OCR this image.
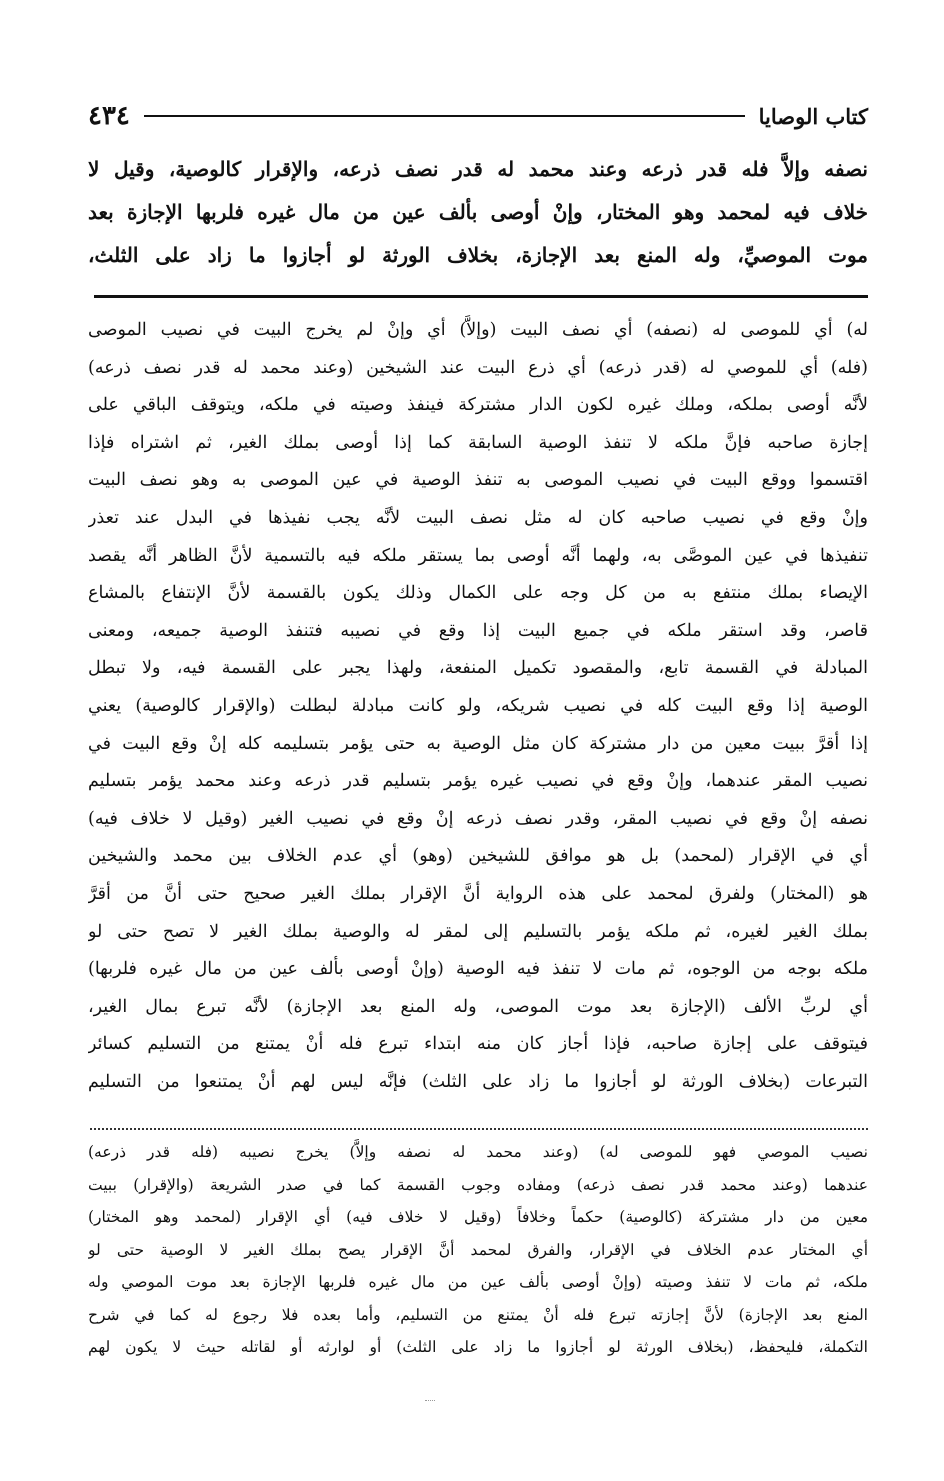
٤٣٤	كتاب الوصايا
نصفه وإلاَّ فله قدر ذرعه وعند محمد له قدر نصف ذرعه، والإقرار كالوصية، وقيل لا
خلاف فيه لمحمد وهو المختار، وإنْ أوصى بألف عين من مال غيره فلربها الإجازة بعد
موت الموصيِّ، وله المنع بعد الإجازة، بخلاف الورثة لو أجازوا ما زاد على الثلث،
له) أي للموصى له (نصفه) أي نصف البيت (وإلاَّ) أي وإنْ لم يخرج البيت في نصيب الموصى
(فله) أي للموصي له (قدر ذرعه) أي ذرع البيت عند الشيخين (وعند محمد له قدر نصف ذرعه)
لأنَّه أوصى بملكه، وملك غيره لكون الدار مشتركة فينفذ وصيته في ملكه، ويتوقف الباقي على
إجازة صاحبه فإنَّ ملكه لا تنفذ الوصية السابقة كما إذا أوصى بملك الغير، ثم اشتراه فإذا
اقتسموا ووقع البيت في نصيب الموصى به تنفذ الوصية في عين الموصى به وهو نصف البيت
وإنْ وقع في نصيب صاحبه كان له مثل نصف البيت لأنَّه يجب نفيذها في البدل عند تعذر
تنفيذها في عين الموصَّى به، ولهما أنَّه أوصى بما يستقر ملكه فيه بالتسمية لأنَّ الظاهر أنَّه يقصد
الإيصاء بملك منتفع به من كل وجه على الكمال وذلك يكون بالقسمة لأنَّ الإنتفاع بالمشاع
قاصر، وقد استقر ملكه في جميع البيت إذا وقع في نصيبه فتنفذ الوصية جميعه، ومعنى
المبادلة في القسمة تابع، والمقصود تكميل المنفعة، ولهذا يجبر على القسمة فيه، ولا تبطل
الوصية إذا وقع البيت كله في نصيب شريكه، ولو كانت مبادلة لبطلت (والإقرار كالوصية) يعني
إذا أقرَّ ببيت معين من دار مشتركة كان مثل الوصية به حتى يؤمر بتسليمه كله إنْ وقع البيت في
نصيب المقر عندهما، وإنْ وقع في نصيب غيره يؤمر بتسليم قدر ذرعه وعند محمد يؤمر بتسليم
نصفه إنْ وقع في نصيب المقر، وقدر نصف ذرعه إنْ وقع في نصيب الغير (وقيل لا خلاف فيه)
أي في الإقرار (لمحمد) بل هو موافق للشيخين (وهو) أي عدم الخلاف بين محمد والشيخين
هو (المختار) ولفرق لمحمد على هذه الرواية أنَّ الإقرار بملك الغير صحيح حتى أنَّ من أقرَّ
بملك الغير لغيره، ثم ملكه يؤمر بالتسليم إلى لمقر له والوصية بملك الغير لا تصح حتى لو
ملكه بوجه من الوجوه، ثم مات لا تنفذ فيه الوصية (وإنْ أوصى بألف عين من مال غيره فلربها)
أي لربِّ الألف (الإجازة بعد موت الموصى، وله المنع بعد الإجازة) لأنَّه تبرع بمال الغير،
فيتوقف على إجازة صاحبه، فإذا أجاز كان منه ابتداء تبرع فله أنْ يمتنع من التسليم كسائر
التبرعات (بخلاف الورثة لو أجازوا ما زاد على الثلث) فإنَّه ليس لهم أنْ يمتنعوا من التسليم
نصيب الموصي فهو للموصى له) (وعند محمد له نصفه وإلاَّ) يخرج نصيبه (فله قدر ذرعه)
عندهما (وعند محمد قدر نصف ذرعه) ومفاده وجوب القسمة كما في صدر الشريعة (والإقرار) ببيت
معين من دار مشتركة (كالوصية) حكماً وخلافاً (وقيل لا خلاف فيه) أي الإقرار (لمحمد وهو المختار)
أي المختار عدم الخلاف في الإقرار، والفرق لمحمد أنَّ الإقرار يصح بملك الغير لا الوصية حتى لو
ملكه، ثم مات لا تنفذ وصيته (وإنْ أوصى بألف عين من مال غيره فلربها الإجازة بعد موت الموصي وله
المنع بعد الإجازة) لأنَّ إجازته تبرع فله أنْ يمتنع من التسليم، وأما بعده فلا رجوع له كما في شرح
التكملة، فليحفظ، (بخلاف الورثة لو أجازوا ما زاد على الثلث) أو لوارثه أو لقاتله حيث لا يكون لهم
